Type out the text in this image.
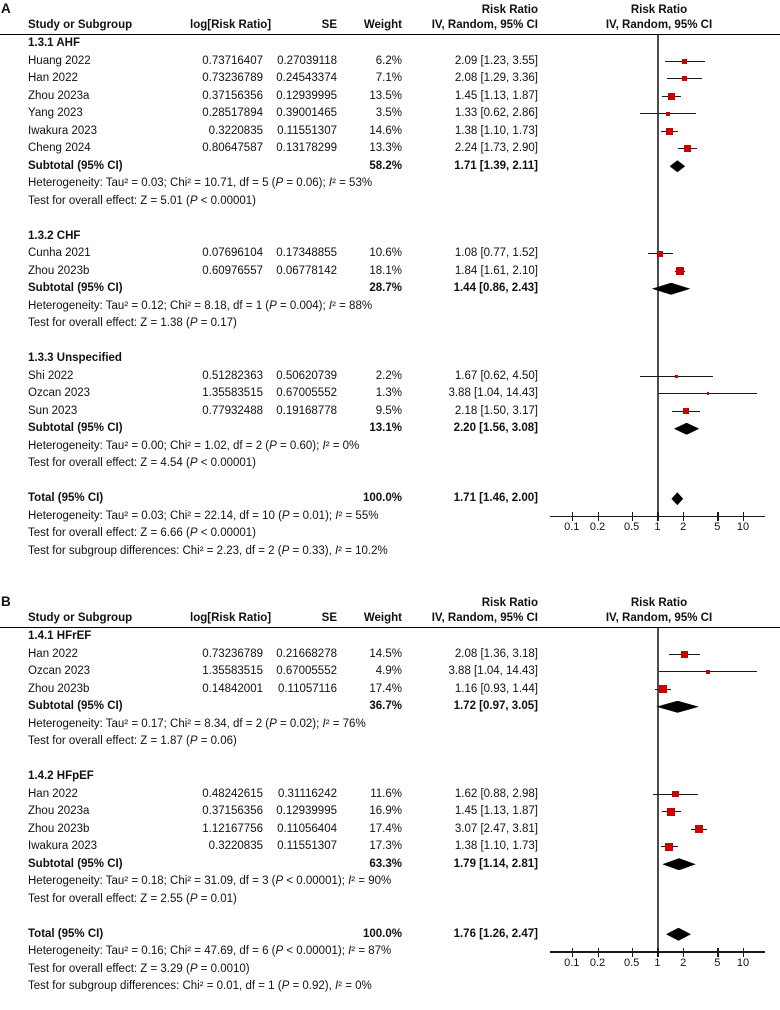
A	Risk Ratio	Risk Ratio
Study or Subgroup	log[Risk Ratio]	SE	Weight	IV, Random, 95% CI	IV, Random, 95% CI
1.3.1 AHF
Huang 2022	0.73716407	0.27039118	6.2%	2.09 [1.23, 3.55]
Han 2022	0.73236789	0.24543374	7.1%	2.08 [1.29, 3.36]
Zhou 2023a	0.37156356	0.12939995	13.5%	1.45 [1.13, 1.87]
Yang 2023	0.28517894	0.39001465	3.5%	1.33 [0.62, 2.86]
Iwakura 2023	0.3220835	0.11551307	14.6%	1.38 [1.10, 1.73]
Cheng 2024	0.80647587	0.13178299	13.3%	2.24 [1.73, 2.90]
Subtotal (95% CI)	58.2%	1.71 [1.39, 2.11]
Heterogeneity: Tau² = 0.03; Chi² = 10.71, df = 5 (P = 0.06); I² = 53%
Test for overall effect: Z = 5.01 (P < 0.00001)
1.3.2 CHF
Cunha 2021	0.07696104	0.17348855	10.6%	1.08 [0.77, 1.52]
Zhou 2023b	0.60976557	0.06778142	18.1%	1.84 [1.61, 2.10]
Subtotal (95% CI)	28.7%	1.44 [0.86, 2.43]
Heterogeneity: Tau² = 0.12; Chi² = 8.18, df = 1 (P = 0.004); I² = 88%
Test for overall effect: Z = 1.38 (P = 0.17)
1.3.3 Unspecified
Shi 2022	0.51282363	0.50620739	2.2%	1.67 [0.62, 4.50]
Ozcan 2023	1.35583515	0.67005552	1.3%	3.88 [1.04, 14.43]
Sun 2023	0.77932488	0.19168778	9.5%	2.18 [1.50, 3.17]
Subtotal (95% CI)	13.1%	2.20 [1.56, 3.08]
Heterogeneity: Tau² = 0.00; Chi² = 1.02, df = 2 (P = 0.60); I² = 0%
Test for overall effect: Z = 4.54 (P < 0.00001)
Total (95% CI)	100.0%	1.71 [1.46, 2.00]
Heterogeneity: Tau² = 0.03; Chi² = 22.14, df = 10 (P = 0.01); I² = 55%
0.1 0.2	0.5	1	2	5	10
Test for overall effect: Z = 6.66 (P < 0.00001)
Test for subgroup differences: Chi² = 2.23, df = 2 (P = 0.33), I² = 10.2%
B	Risk Ratio	Risk Ratio
Study or Subgroup	log[Risk Ratio]	SE	Weight	IV, Random, 95% CI	IV, Random, 95% CI
1.4.1 HFrEF
Han 2022	0.73236789	0.21668278	14.5%	2.08 [1.36, 3.18]
Ozcan 2023	1.35583515	0.67005552	4.9%	3.88 [1.04, 14.43]
Zhou 2023b	0.14842001	0.11057116	17.4%	1.16 [0.93, 1.44]
Subtotal (95% CI)	36.7%	1.72 [0.97, 3.05]
Heterogeneity: Tau² = 0.17; Chi² = 8.34, df = 2 (P = 0.02); I² = 76%
Test for overall effect: Z = 1.87 (P = 0.06)
1.4.2 HFpEF
Han 2022	0.48242615	0.31116242	11.6%	1.62 [0.88, 2.98]
Zhou 2023a	0.37156356	0.12939995	16.9%	1.45 [1.13, 1.87]
Zhou 2023b	1.12167756	0.11056404	17.4%	3.07 [2.47, 3.81]
Iwakura 2023	0.3220835	0.11551307	17.3%	1.38 [1.10, 1.73]
Subtotal (95% CI)	63.3%	1.79 [1.14, 2.81]
Heterogeneity: Tau² = 0.18; Chi² = 31.09, df = 3 (P < 0.00001); I² = 90%
Test for overall effect: Z = 2.55 (P = 0.01)
Total (95% CI)	100.0%	1.76 [1.26, 2.47]
Heterogeneity: Tau² = 0.16; Chi² = 47.69, df = 6 (P < 0.00001); I² = 87%
0.1 0.2	0.5	1	2	5	10
Test for overall effect: Z = 3.29 (P = 0.0010)
Test for subgroup differences: Chi² = 0.01, df = 1 (P = 0.92), I² = 0%
